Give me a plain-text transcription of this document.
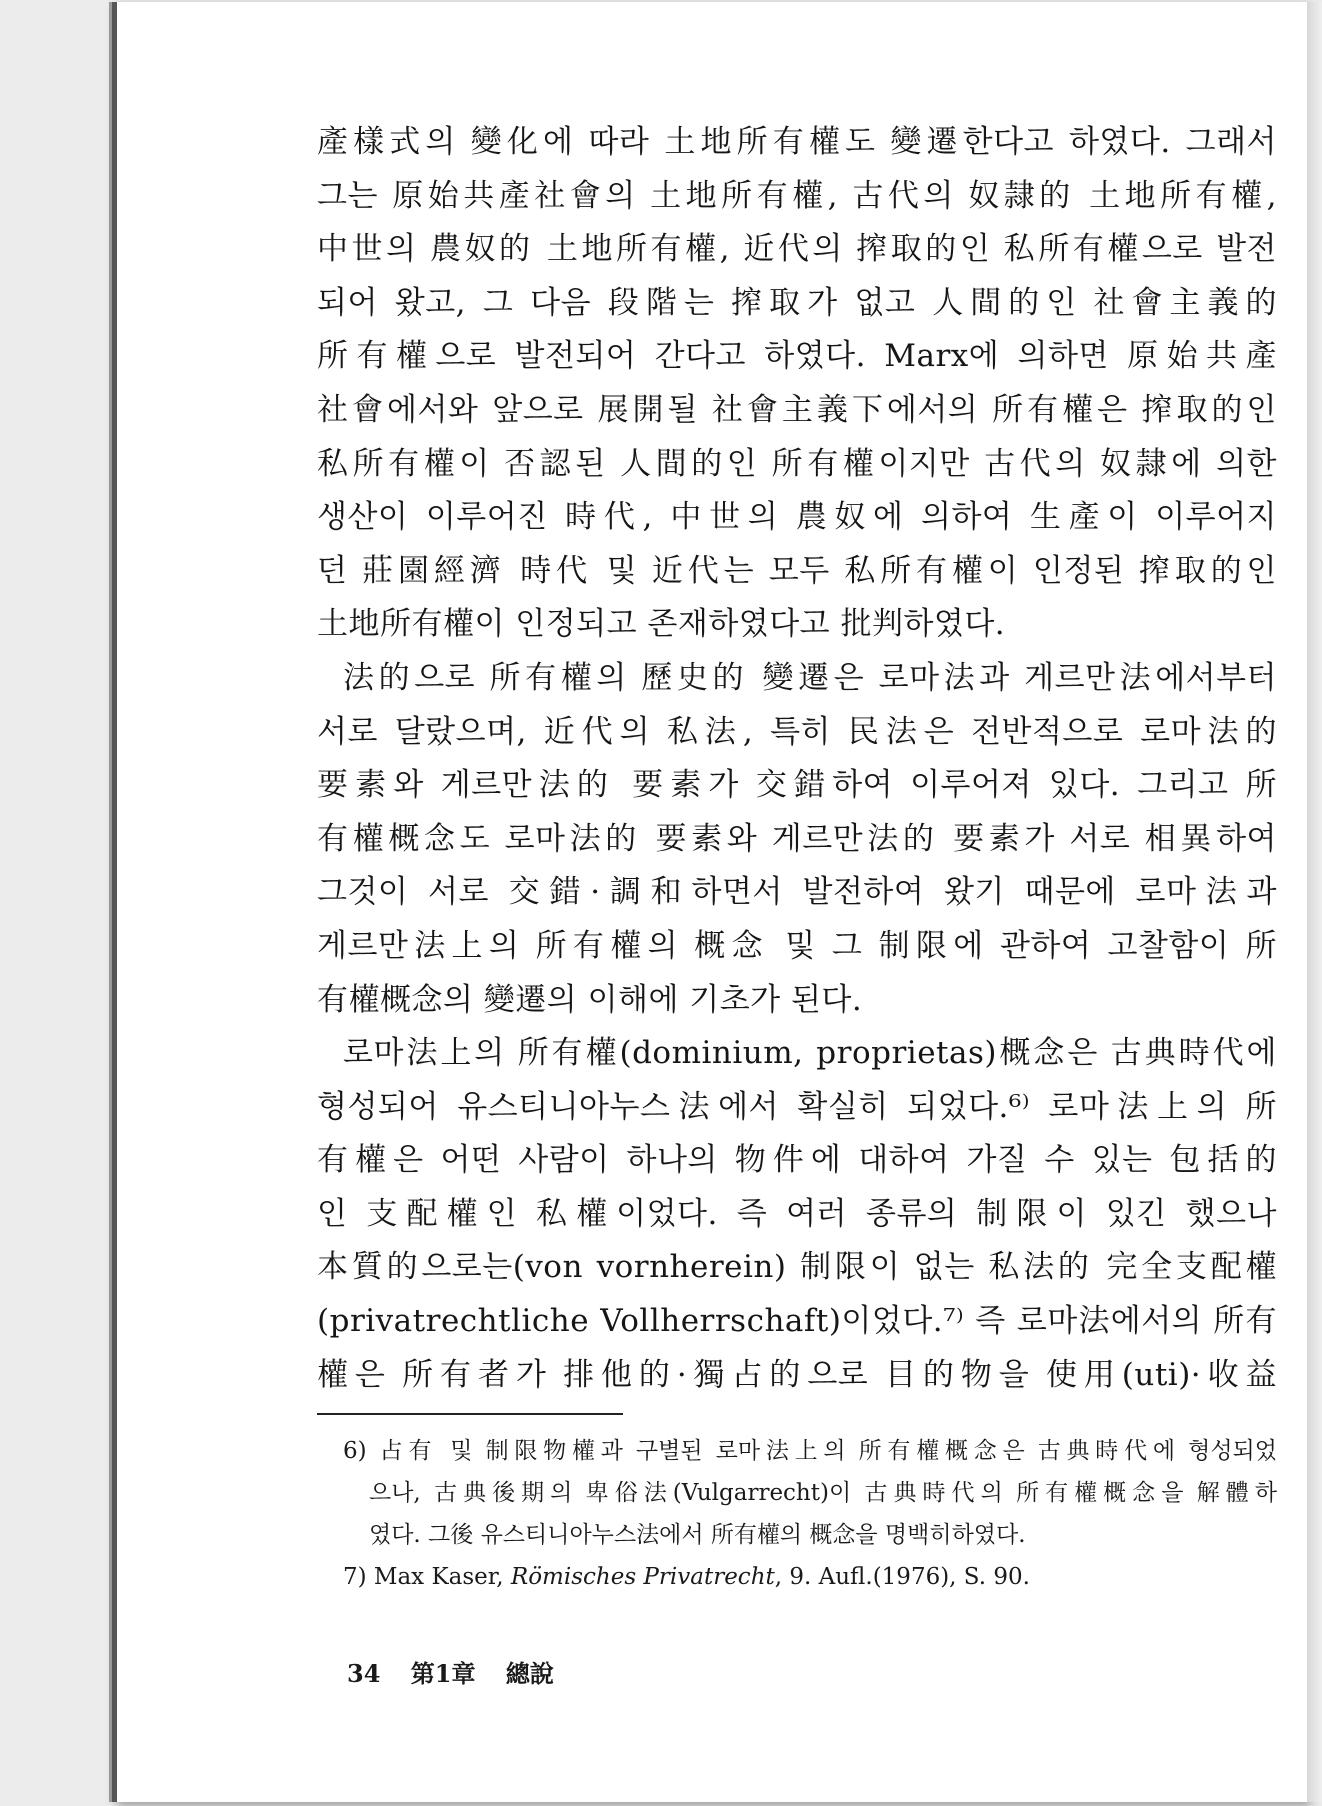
產樣式의 變化에 따라 土地所有權도 變遷한다고 하였다. 그래서
그는 原始共產社會의 土地所有權, 古代의 奴隷的 土地所有權,
中世의 農奴的 土地所有權, 近代의 搾取的인 私所有權으로 발전
되어 왔고, 그 다음 段階는 搾取가 없고 人間的인 社會主義的
所有權으로 발전되어 간다고 하였다. Marx에 의하면 原始共產
社會에서와 앞으로 展開될 社會主義下에서의 所有權은 搾取的인
私所有權이 否認된 人間的인 所有權이지만 古代의 奴隷에 의한
생산이 이루어진 時代, 中世의 農奴에 의하여 生產이 이루어지
던 莊園經濟 時代 및 近代는 모두 私所有權이 인정된 搾取的인
土地所有權이 인정되고 존재하였다고 批判하였다.
法的으로 所有權의 歷史的 變遷은 로마法과 게르만法에서부터
서로 달랐으며, 近代의 私法, 특히 民法은 전반적으로 로마法的
要素와 게르만法的 要素가 交錯하여 이루어져 있다. 그리고 所
有權概念도 로마法的 要素와 게르만法的 要素가 서로 相異하여
그것이 서로 交錯·調和하면서 발전하여 왔기 때문에 로마法과
게르만法上의 所有權의 概念 및 그 制限에 관하여 고찰함이 所
有權概念의 變遷의 이해에 기초가 된다.
로마法上의 所有權(dominium, proprietas)概念은 古典時代에
형성되어 유스티니아누스法에서 확실히 되었다.⁶⁾ 로마法上의 所
有權은 어떤 사람이 하나의 物件에 대하여 가질 수 있는 包括的
인 支配權인 私權이었다. 즉 여러 종류의 制限이 있긴 했으나
本質的으로는(von vornherein) 制限이 없는 私法的 完全支配權
(privatrechtliche Vollherrschaft)이었다.⁷⁾ 즉 로마法에서의 所有
權은 所有者가 排他的·獨占的으로 目的物을 使用(uti)·收益
6) 占有 및 制限物權과 구별된 로마法上의 所有權概念은 古典時代에 형성되었
으나, 古典後期의 卑俗法(Vulgarrecht)이 古典時代의 所有權概念을 解體하
였다. 그後 유스티니아누스法에서 所有權의 概念을 명백히하였다.
7) Max Kaser, Römisches Privatrecht, 9. Aufl.(1976), S. 90.
34 第1章 總說
